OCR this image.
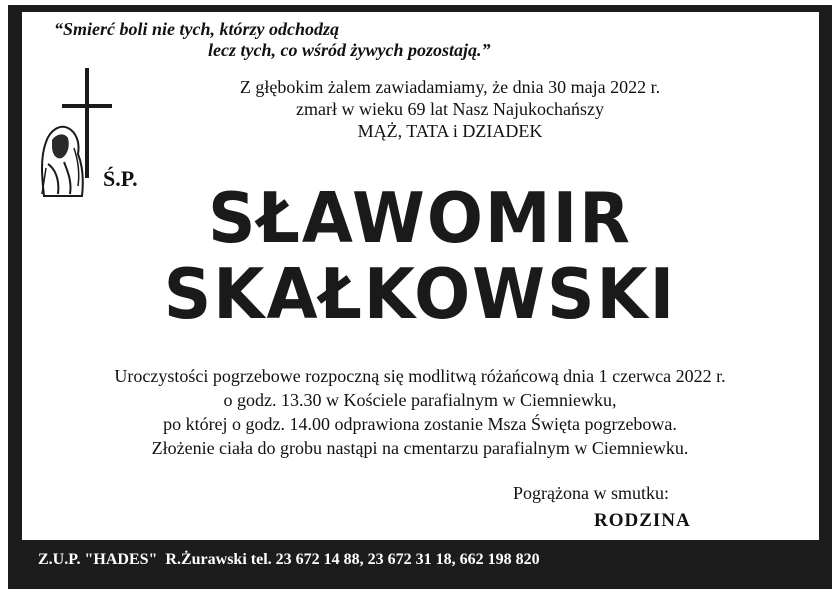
“Smierć boli nie tych, którzy odchodzą
lecz tych, co wśród żywych pozostają.”
Ś.P.
Z głębokim żalem zawiadamiamy, że dnia 30 maja 2022 r.
zmarł w wieku 69 lat Nasz Najukochańszy
MĄŻ, TATA i DZIADEK
SŁAWOMIR
SKAŁKOWSKI
Uroczystości pogrzebowe rozpoczną się modlitwą różańcową dnia 1 czerwca 2022 r.
o godz. 13.30 w Kościele parafialnym w Ciemniewku,
po której o godz. 14.00 odprawiona zostanie Msza Święta pogrzebowa.
Złożenie ciała do grobu nastąpi na cmentarzu parafialnym w Ciemniewku.
Pogrążona w smutku:
RODZINA
Z.U.P. "HADES"  R.Żurawski tel. 23 672 14 88, 23 672 31 18, 662 198 820
